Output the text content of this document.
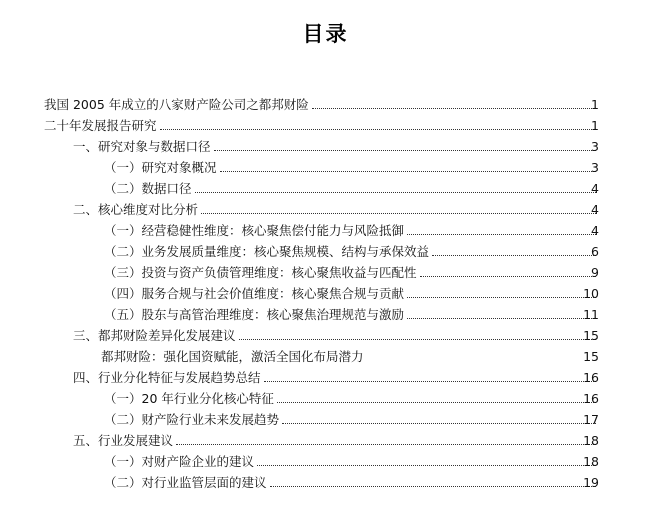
目录
我国 2005 年成立的八家财产险公司之都邦财险	1
二十年发展报告研究	1
一、研究对象与数据口径	3
（一）研究对象概况	3
（二）数据口径	4
二、核心维度对比分析	4
（一）经营稳健性维度：核心聚焦偿付能力与风险抵御	4
（二）业务发展质量维度：核心聚焦规模、结构与承保效益	6
（三）投资与资产负债管理维度：核心聚焦收益与匹配性	9
（四）服务合规与社会价值维度：核心聚焦合规与贡献	10
（五）股东与高管治理维度：核心聚焦治理规范与激励	11
三、都邦财险差异化发展建议	15
都邦财险：强化国资赋能，激活全国化布局潜力	15
四、行业分化特征与发展趋势总结	16
（一）20 年行业分化核心特征	16
（二）财产险行业未来发展趋势	17
五、行业发展建议	18
（一）对财产险企业的建议	18
（二）对行业监管层面的建议	19
